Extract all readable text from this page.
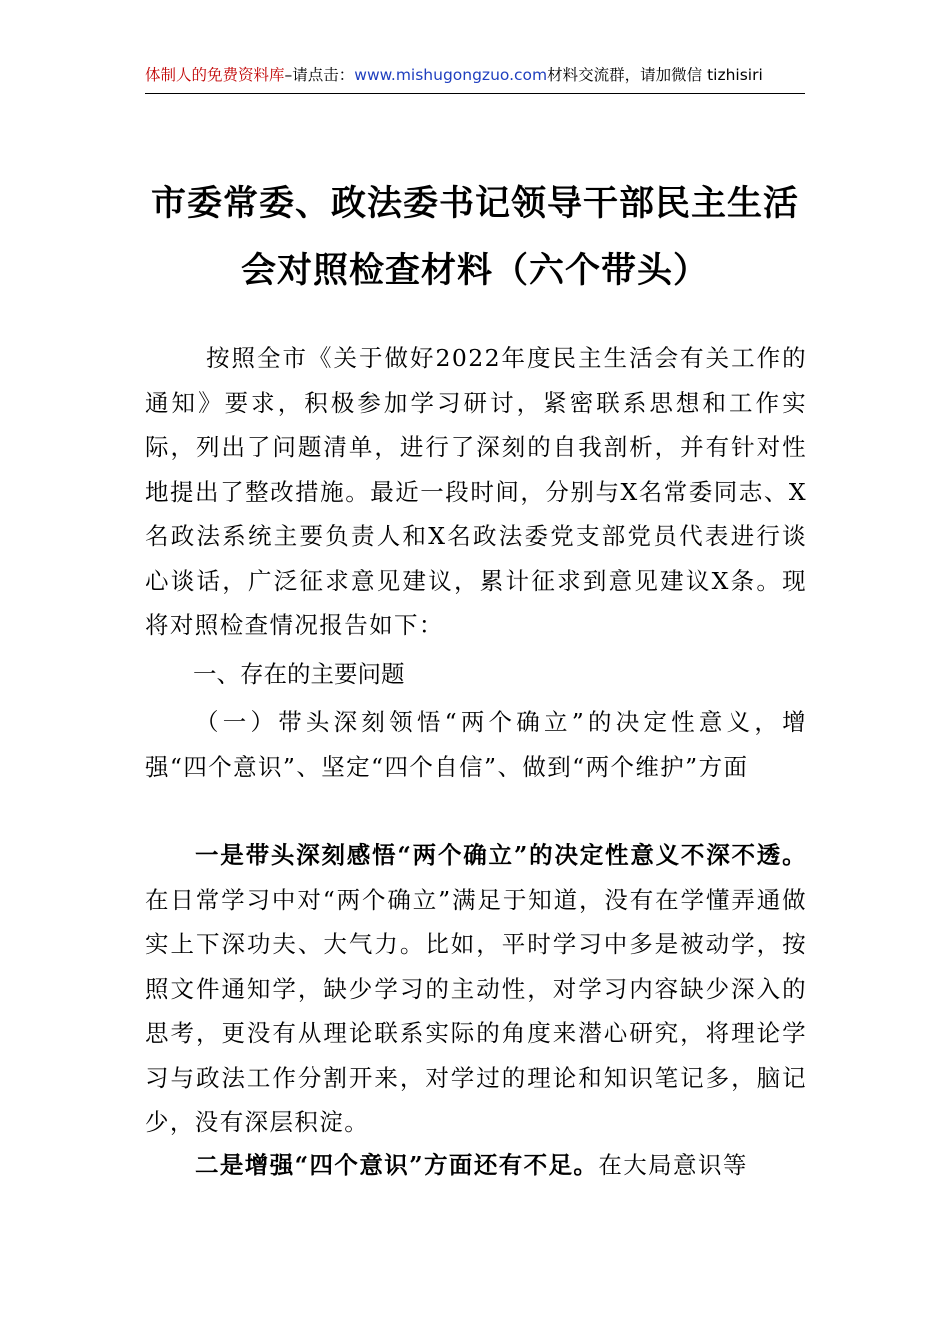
体制人的免费资料库–请点击：www.mishugongzuo.com材料交流群，请加微信 tizhisiri
市委常委、政法委书记领导干部民主生活
会对照检查材料（六个带头）

按照全市《关于做好2022年度民主生活会有关工作的通知》要求，积极参加学习研讨，紧密联系思想和工作实际，列出了问题清单，进行了深刻的自我剖析，并有针对性地提出了整改措施。最近一段时间，分别与X名常委同志、X名政法系统主要负责人和X名政法委党支部党员代表进行谈心谈话，广泛征求意见建议，累计征求到意见建议X条。现将对照检查情况报告如下：

一、存在的主要问题

（一）带头深刻领悟“两个确立”的决定性意义，增强“四个意识”、坚定“四个自信”、做到“两个维护”方面

一是带头深刻感悟“两个确立”的决定性意义不深不透。在日常学习中对“两个确立”满足于知道，没有在学懂弄通做实上下深功夫、大气力。比如，平时学习中多是被动学，按照文件通知学，缺少学习的主动性，对学习内容缺少深入的思考，更没有从理论联系实际的角度来潜心研究，将理论学习与政法工作分割开来，对学过的理论和知识笔记多，脑记少，没有深层积淀。

二是增强“四个意识”方面还有不足。在大局意识等
